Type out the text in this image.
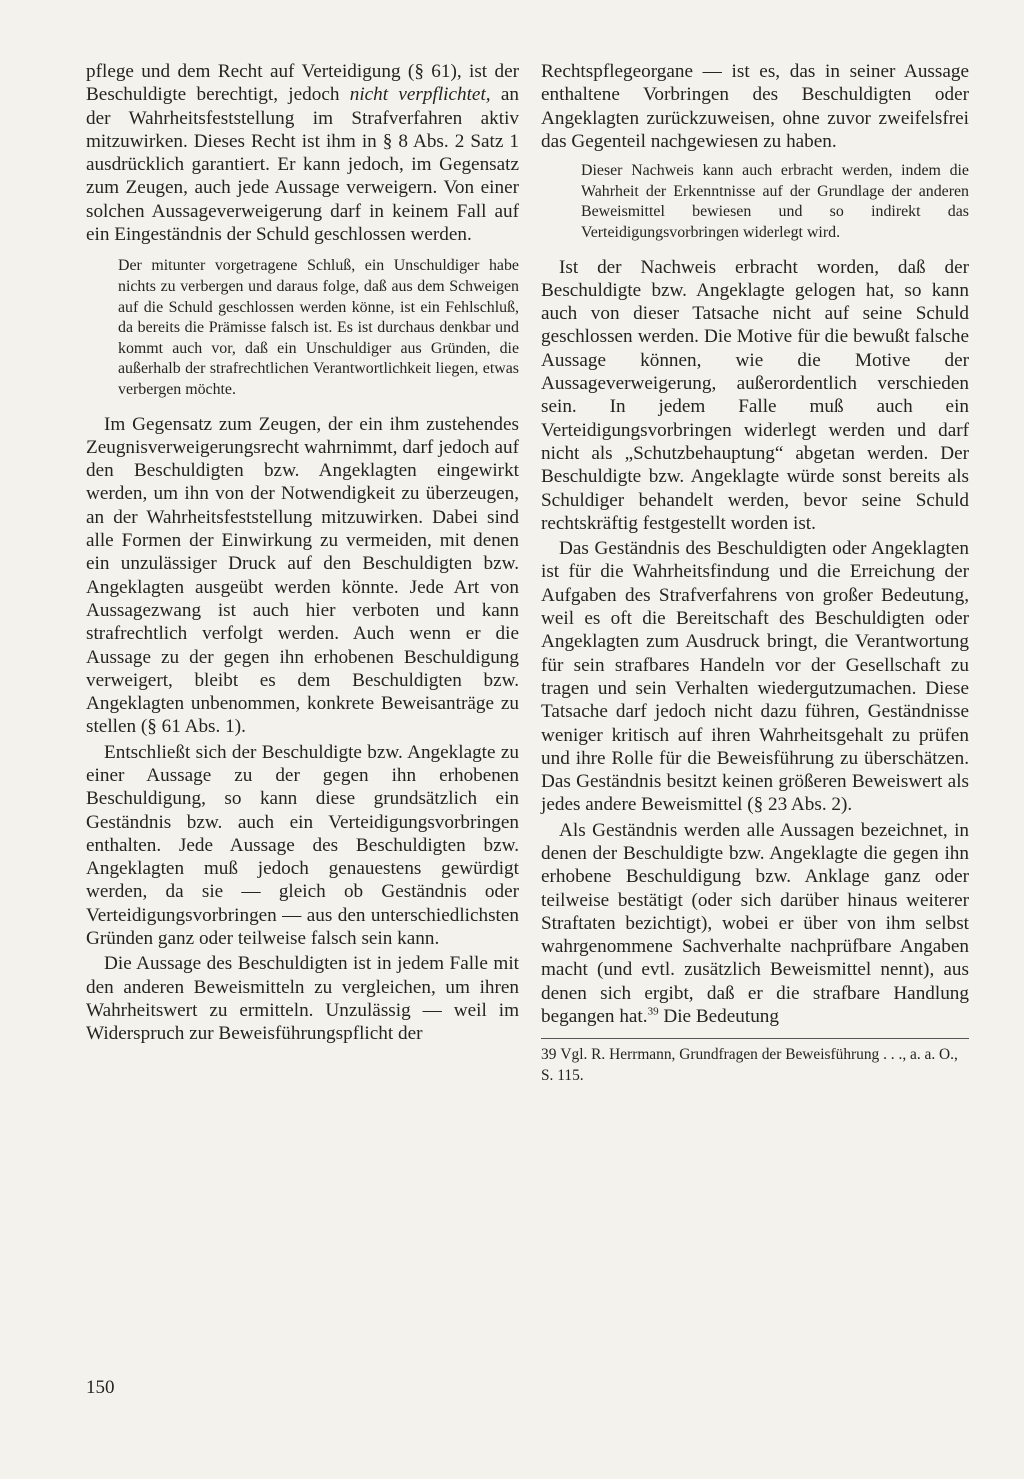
pflege und dem Recht auf Verteidigung (§ 61), ist der Beschuldigte berechtigt, jedoch nicht verpflichtet, an der Wahrheitsfeststellung im Strafverfahren aktiv mitzuwirken. Dieses Recht ist ihm in § 8 Abs. 2 Satz 1 ausdrücklich garantiert. Er kann jedoch, im Gegensatz zum Zeugen, auch jede Aussage verweigern. Von einer solchen Aussageverweigerung darf in keinem Fall auf ein Eingeständnis der Schuld geschlossen werden.

Der mitunter vorgetragene Schluß, ein Unschuldiger habe nichts zu verbergen und daraus folge, daß aus dem Schweigen auf die Schuld geschlossen werden könne, ist ein Fehlschluß, da bereits die Prämisse falsch ist. Es ist durchaus denkbar und kommt auch vor, daß ein Unschuldiger aus Gründen, die außerhalb der strafrechtlichen Verantwortlichkeit liegen, etwas verbergen möchte.

Im Gegensatz zum Zeugen, der ein ihm zustehendes Zeugnisverweigerungsrecht wahrnimmt, darf jedoch auf den Beschuldigten bzw. Angeklagten eingewirkt werden, um ihn von der Notwendigkeit zu überzeugen, an der Wahrheitsfeststellung mitzuwirken. Dabei sind alle Formen der Einwirkung zu vermeiden, mit denen ein unzulässiger Druck auf den Beschuldigten bzw. Angeklagten ausgeübt werden könnte. Jede Art von Aussagezwang ist auch hier verboten und kann strafrechtlich verfolgt werden. Auch wenn er die Aussage zu der gegen ihn erhobenen Beschuldigung verweigert, bleibt es dem Beschuldigten bzw. Angeklagten unbenommen, konkrete Beweisanträge zu stellen (§ 61 Abs. 1).

Entschließt sich der Beschuldigte bzw. Angeklagte zu einer Aussage zu der gegen ihn erhobenen Beschuldigung, so kann diese grundsätzlich ein Geständnis bzw. auch ein Verteidigungsvorbringen enthalten. Jede Aussage des Beschuldigten bzw. Angeklagten muß jedoch genauestens gewürdigt werden, da sie — gleich ob Geständnis oder Verteidigungsvorbringen — aus den unterschiedlichsten Gründen ganz oder teilweise falsch sein kann.

Die Aussage des Beschuldigten ist in jedem Falle mit den anderen Beweismitteln zu vergleichen, um ihren Wahrheitswert zu ermitteln. Unzulässig — weil im Widerspruch zur Beweisführungspflicht der

Rechtspflegeorgane — ist es, das in seiner Aussage enthaltene Vorbringen des Beschuldigten oder Angeklagten zurückzuweisen, ohne zuvor zweifelsfrei das Gegenteil nachgewiesen zu haben.

Dieser Nachweis kann auch erbracht werden, indem die Wahrheit der Erkenntnisse auf der Grundlage der anderen Beweismittel bewiesen und so indirekt das Verteidigungsvorbringen widerlegt wird.

Ist der Nachweis erbracht worden, daß der Beschuldigte bzw. Angeklagte gelogen hat, so kann auch von dieser Tatsache nicht auf seine Schuld geschlossen werden. Die Motive für die bewußt falsche Aussage können, wie die Motive der Aussageverweigerung, außerordentlich verschieden sein. In jedem Falle muß auch ein Verteidigungsvorbringen widerlegt werden und darf nicht als „Schutzbehauptung“ abgetan werden. Der Beschuldigte bzw. Angeklagte würde sonst bereits als Schuldiger behandelt werden, bevor seine Schuld rechtskräftig festgestellt worden ist.

Das Geständnis des Beschuldigten oder Angeklagten ist für die Wahrheitsfindung und die Erreichung der Aufgaben des Strafverfahrens von großer Bedeutung, weil es oft die Bereitschaft des Beschuldigten oder Angeklagten zum Ausdruck bringt, die Verantwortung für sein strafbares Handeln vor der Gesellschaft zu tragen und sein Verhalten wiedergutzumachen. Diese Tatsache darf jedoch nicht dazu führen, Geständnisse weniger kritisch auf ihren Wahrheitsgehalt zu prüfen und ihre Rolle für die Beweisführung zu überschätzen. Das Geständnis besitzt keinen größeren Beweiswert als jedes andere Beweismittel (§ 23 Abs. 2).

Als Geständnis werden alle Aussagen bezeichnet, in denen der Beschuldigte bzw. Angeklagte die gegen ihn erhobene Beschuldigung bzw. Anklage ganz oder teilweise bestätigt (oder sich darüber hinaus weiterer Straftaten bezichtigt), wobei er über von ihm selbst wahrgenommene Sachverhalte nachprüfbare Angaben macht (und evtl. zusätzlich Beweismittel nennt), aus denen sich ergibt, daß er die strafbare Handlung begangen hat.$^{39}$ Die Bedeutung

39 Vgl. R. Herrmann, Grundfragen der Beweisführung . . ., a. a. O., S. 115.

150
